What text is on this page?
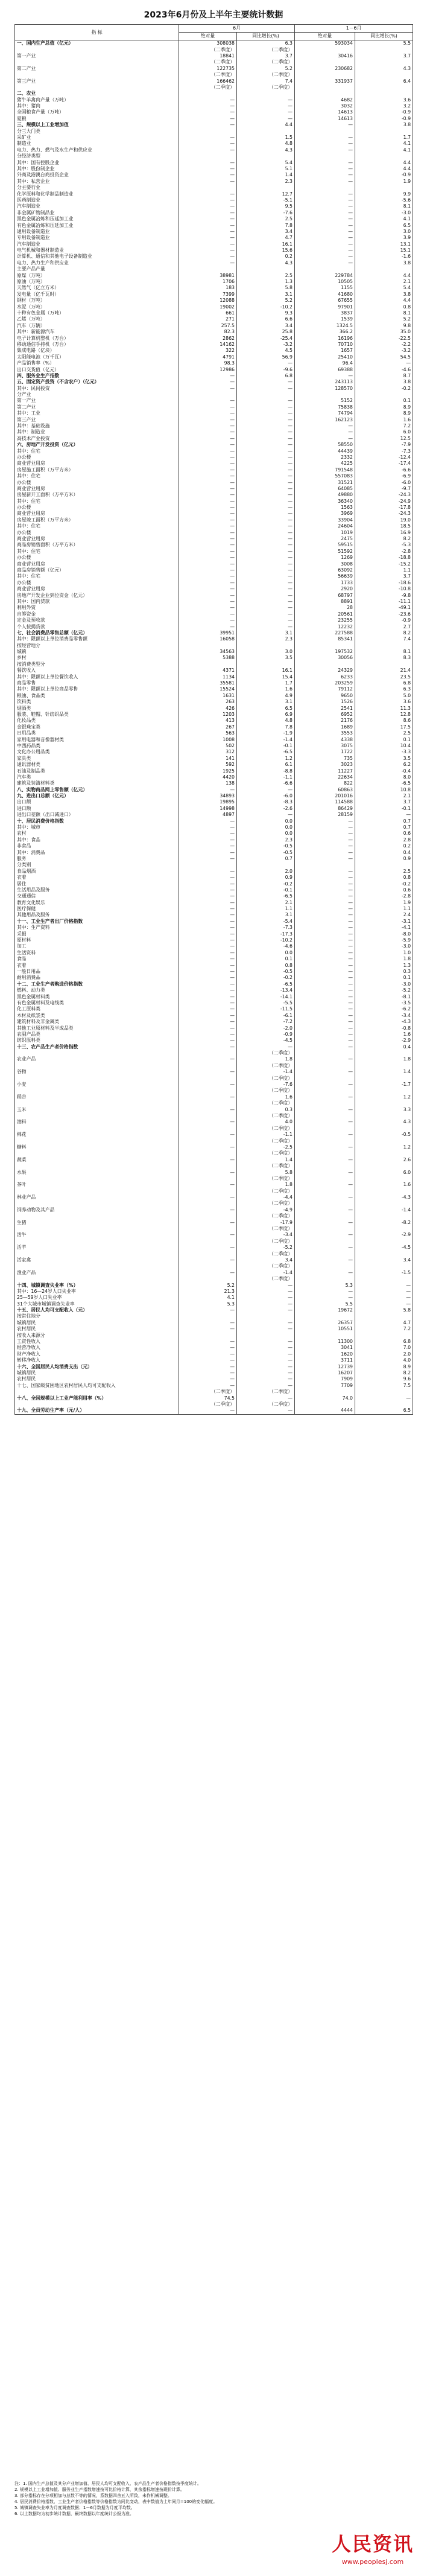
2023年6月份及上半年主要统计数据
指 标	6月		1－6月	
	绝对量	同比增长(%)	绝对量	同比增长(%)
一、国内生产总值（亿元）	308038	6.3	593034	5.5
	（二季度）	（二季度）		
第一产业	18841	3.7	30416	3.7
	（二季度）	（二季度）		
第二产业	122735	5.2	230682	4.3
	（二季度）	（二季度）		
第三产业	166462	7.4	331937	6.4
	（二季度）	（二季度）		
二、农业				
猪牛羊禽肉产量（万吨）	—	—	4682	3.6
其中：猪肉	—	—	3032	3.2
全国粮食产量（万吨）	—	—	14613	-0.9
夏粮	—	—	14613	-0.9
三、规模以上工业增加值	—	4.4	—	3.8
分三大门类				
采矿业	—	1.5	—	1.7
制造业	—	4.8	—	4.1
电力、热力、燃气及水生产和供应业	—	4.3	—	4.1
分经济类型				
其中：国有控股企业	—	5.4	—	4.4
其中：股份制企业	—	5.1	—	4.4
外商及港澳台商投资企业	—	1.4	—	-0.9
其中：私营企业	—	2.3	—	1.9
分主要行业				
化学原料和化学制品制造业	—	12.7	—	9.9
医药制造业	—	-5.1	—	-5.6
汽车制造业	—	9.5	—	8.1
非金属矿物制品业	—	-7.6	—	-3.0
黑色金属冶炼和压延加工业	—	2.5	—	4.1
有色金属冶炼和压延加工业	—	7.8	—	6.5
通用设备制造业	—	3.4	—	3.0
专用设备制造业	—	4.7	—	3.9
汽车制造业	—	16.1	—	13.1
电气机械和器材制造业	—	15.6	—	15.1
计算机、通信和其他电子设备制造业	—	0.2	—	-1.6
电力、热力生产和供应业	—	4.3	—	3.8
主要产品产量				
原煤（万吨）	38981	2.5	229784	4.4
原油（万吨）	1706	1.3	10505	2.1
天然气（亿立方米）	183	5.8	1155	5.4
发电量（亿千瓦时）	7399	3.1	41680	3.8
钢材（万吨）	12088	5.2	67655	4.4
水泥（万吨）	19002	-10.2	97901	0.8
十种有色金属（万吨）	661	9.3	3837	8.1
乙烯（万吨）	271	6.6	1539	5.2
汽车（万辆）	257.5	3.4	1324.5	9.8
其中：新能源汽车	82.3	25.8	366.2	35.0
电子计算机整机（万台）	2862	-25.4	16196	-22.5
移动通信手持机（万台）	14162	-3.2	70710	-2.2
集成电路（亿块）	322	4.5	1657	-3.2
太阳能电池（万千瓦）	4791	56.9	25410	54.5
产品销售率（%）	98.3	—	96.4	—
出口交货值（亿元）	12986	-9.6	69388	-4.6
四、服务业生产指数	—	6.8	—	8.7
五、固定资产投资（不含农户）（亿元）	—	—	243113	3.8
其中：民间投资	—	—	128570	-0.2
分产业				
第一产业	—	—	5152	0.1
第二产业	—	—	75838	8.9
其中：工业	—	—	74794	8.9
第三产业	—	—	162123	1.6
其中：基础设施	—	—	—	7.2
其中：制造业	—	—	—	6.0
高技术产业投资	—	—	—	12.5
六、房地产开发投资（亿元）	—	—	58550	-7.9
其中：住宅	—	—	44439	-7.3
办公楼	—	—	2332	-12.4
商业营业用房	—	—	4225	-17.4
房屋施工面积（万平方米）	—	—	791548	-6.6
其中：住宅	—	—	557083	-6.9
办公楼	—	—	31521	-6.0
商业营业用房	—	—	64085	-9.7
房屋新开工面积（万平方米）	—	—	49880	-24.3
其中：住宅	—	—	36340	-24.9
办公楼	—	—	1563	-17.8
商业营业用房	—	—	3969	-24.3
房屋竣工面积（万平方米）	—	—	33904	19.0
其中：住宅	—	—	24604	18.5
办公楼	—	—	1019	16.9
商业营业用房	—	—	2475	8.2
商品房销售面积（万平方米）	—	—	59515	-5.3
其中：住宅	—	—	51592	-2.8
办公楼	—	—	1269	-18.8
商业营业用房	—	—	3008	-15.2
商品房销售额（亿元）	—	—	63092	1.1
其中：住宅	—	—	56639	3.7
办公楼	—	—	1733	-18.6
商业营业用房	—	—	2920	-10.8
房地产开发企业到位资金（亿元）	—	—	68797	-9.8
其中：国内贷款	—	—	8891	-11.1
利用外资	—	—	28	-49.1
自筹资金	—	—	20561	-23.6
定金及预收款	—	—	23255	-0.9
个人按揭贷款	—	—	12232	2.7
七、社会消费品零售总额（亿元）	39951	3.1	227588	8.2
其中：限额以上单位消费品零售额	16058	2.3	85341	7.4
按经营地分				
城镇	34563	3.0	197532	8.1
乡村	5388	3.5	30056	8.3
按消费类型分				
餐饮收入	4371	16.1	24329	21.4
其中：限额以上单位餐饮收入	1134	15.4	6233	23.5
商品零售	35581	1.7	203259	6.8
其中：限额以上单位商品零售	15524	1.6	79112	6.3
粮油、食品类	1631	4.9	9650	5.0
饮料类	263	3.1	1526	3.6
烟酒类	426	6.5	2541	11.3
服装、鞋帽、针纺织品类	1203	6.9	6952	12.8
化妆品类	413	4.8	2176	8.6
金银珠宝类	267	7.8	1689	17.5
日用品类	563	-1.9	3553	2.5
家用电器和音像器材类	1008	-1.4	4338	0.1
中西药品类	502	-0.1	3075	10.4
文化办公用品类	312	-6.5	1722	-3.3
家具类	141	1.2	735	3.5
通讯器材类	592	6.1	3023	6.2
石油及制品类	1925	-8.8	11227	-0.4
汽车类	4420	-1.1	22634	8.0
建筑及装潢材料类	138	-6.6	822	-6.5
八、实物商品网上零售额（亿元）	—	—	60863	10.8
九、进出口总额（亿元）	34893	-6.0	201016	2.1
出口额	19895	-8.3	114588	3.7
进口额	14998	-2.6	86429	-0.1
进出口差额（出口减进口）	4897	—	28159	—
十、居民消费价格指数	—	0.0	—	0.7
其中：城市	—	0.0	—	0.7
农村	—	0.0	—	0.6
其中：食品	—	2.3	—	2.8
非食品	—	-0.5	—	0.2
其中：消费品	—	-0.5	—	0.4
服务	—	0.7	—	0.9
分类别				
食品烟酒	—	2.0	—	2.5
衣着	—	0.9	—	0.8
居住	—	-0.2	—	-0.2
生活用品及服务	—	-0.1	—	0.6
交通通信	—	-6.5	—	-2.8
教育文化娱乐	—	2.1	—	1.9
医疗保健	—	1.1	—	1.1
其他用品及服务	—	3.1	—	2.4
十一、工业生产者出厂价格指数	—	-5.4	—	-3.1
其中：生产资料	—	-7.3	—	-4.1
采掘	—	-17.3	—	-8.0
原材料	—	-10.2	—	-5.9
加工	—	-4.6	—	-3.0
生活资料	—	0.0	—	1.0
食品	—	0.1	—	1.8
衣着	—	0.8	—	1.3
一般日用品	—	-0.5	—	0.3
耐用消费品	—	-0.2	—	0.1
十二、工业生产者购进价格指数	—	-6.5	—	-3.0
燃料、动力类	—	-13.4	—	-5.2
黑色金属材料类	—	-14.1	—	-8.1
有色金属材料及电线类	—	-5.5	—	-3.5
化工原料类	—	-11.5	—	-6.2
木材及纸浆类	—	-6.1	—	-3.4
建筑材料及非金属类	—	-7.2	—	-4.3
其他工业原材料及半成品类	—	-2.0	—	-0.8
农副产品类	—	-0.9	—	1.6
纺织原料类	—	-4.5	—	-2.9
十三、农产品生产者价格指数	—	—	—	0.4
		（二季度）		
农业产品	—	1.8	—	1.8
		（二季度）		
谷物	—	-1.4	—	1.4
		（二季度）		
小麦	—	-7.6	—	-1.7
		（二季度）		
稻谷	—	1.6	—	1.2
		（二季度）		
玉米	—	0.3	—	3.3
		（二季度）		
油料	—	4.0	—	4.3
		（二季度）		
棉花	—	-1.1	—	-0.5
		（二季度）		
糖料	—	-2.5	—	1.2
		（二季度）		
蔬菜	—	1.4	—	2.6
		（二季度）		
水果	—	5.8	—	6.0
		（二季度）		
茶叶	—	1.8	—	1.6
		（二季度）		
林业产品	—	-4.4	—	-4.3
		（二季度）		
饲养动物及其产品	—	-4.9	—	-1.4
		（二季度）		
生猪	—	-17.9	—	-8.2
		（二季度）		
活牛	—	-3.4	—	-2.9
		（二季度）		
活羊	—	-5.2	—	-4.5
		（二季度）		
活家禽	—	3.4	—	3.4
		（二季度）		
渔业产品	—	-1.4	—	-1.5
		（二季度）		
十四、城镇调查失业率（%）	5.2	—	5.3	—
其中：16—24岁人口失业率	21.3	—	—	—
25—59岁人口失业率	4.1	—	—	—
31个大城市城镇调查失业率	5.3	—	5.5	—
十五、居民人均可支配收入（元）	—	—	19672	5.8
按常住地分				
城镇居民	—	—	26357	4.7
农村居民	—	—	10551	7.2
按收入来源分				
工资性收入	—	—	11300	6.8
经营净收入	—	—	3041	7.0
财产净收入	—	—	1620	2.0
转移净收入	—	—	3711	4.0
十六、全国居民人均消费支出（元）	—	—	12739	8.9
城镇居民	—	—	16207	8.2
农村居民	—	—	7909	9.6
十七、国家级贫困地区农村居民人均可支配收入	—	—	7709	7.5
	（二季度）	（二季度）		
十八、全国规模以上工业产能利用率（%）	74.5	—	74.0	—
	（二季度）	（二季度）		
十九、全员劳动生产率（元/人）	—	—	4444	6.5
注：1. 国内生产总值及其分产业增加值、居民人均可支配收入、农产品生产者价格指数按季度统计。
2. 规模以上工业增加值、服务业生产指数增速按可比价格计算，其余指标增速按现价计算。
3. 部分指标存在分项相加与总数不等的情况，系数据四舍五入所致，未作机械调整。
4. 居民消费价格指数、工业生产者价格指数等价格指数为同比变动，表中数值为上年同月=100的变化幅度。
5. 城镇调查失业率为月度调查数据；1－6月数据为月度平均数。
6. 以上数据均为初步统计数据，最终数据以年度统计公报为准。
人民资讯
www.peoplesj.com
